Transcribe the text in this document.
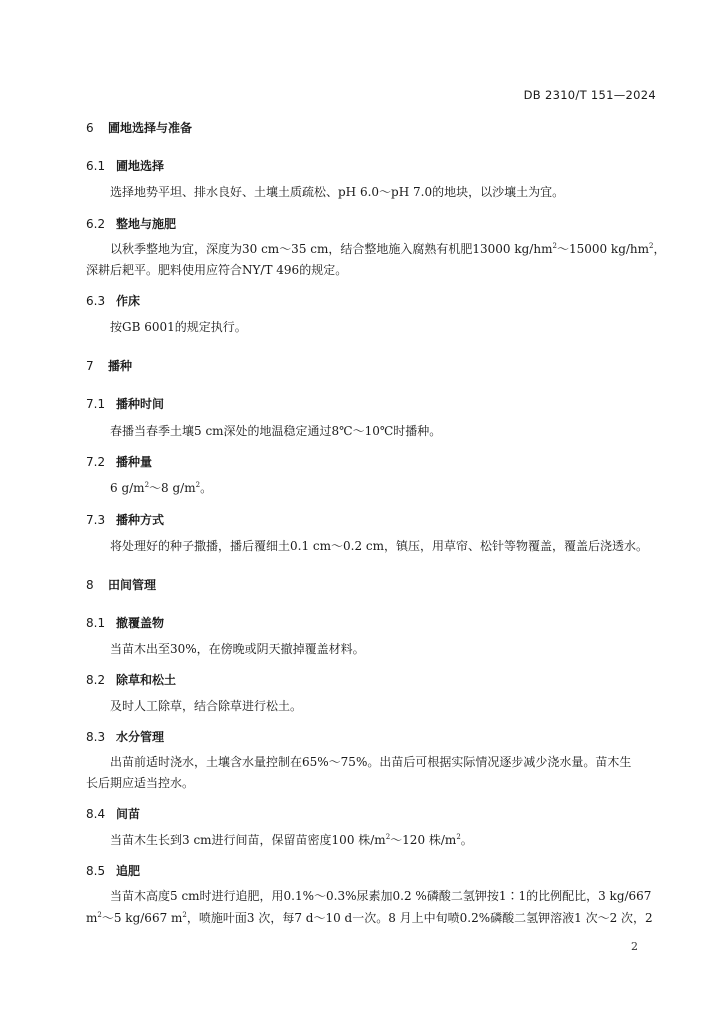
DB 2310/T 151—2024
6 圃地选择与准备
6.1 圃地选择
选择地势平坦、排水良好、土壤土质疏松、pH 6.0～pH 7.0的地块，以沙壤土为宜。
6.2 整地与施肥
以秋季整地为宜，深度为30 cm～35 cm，结合整地施入腐熟有机肥13000 $kg/hm^2\sim 15000$ $kg/hm^2$，
深耕后耙平。肥料使用应符合NY/T 496的规定。
6.3 作床
按GB 6001的规定执行。
7 播种
7.1 播种时间
春播当春季土壤5 cm深处的地温稳定通过8℃～10℃时播种。
7.2 播种量
6 $g/m^2\sim 8$ $g/m^2$。
7.3 播种方式
将处理好的种子撒播，播后覆细土0.1 cm～0.2 cm，镇压，用草帘、松针等物覆盖，覆盖后浇透水。
8 田间管理
8.1 撤覆盖物
当苗木出至30%，在傍晚或阴天撤掉覆盖材料。
8.2 除草和松土
及时人工除草，结合除草进行松土。
8.3 水分管理
出苗前适时浇水，土壤含水量控制在65%～75%。出苗后可根据实际情况逐步减少浇水量。苗木生
长后期应适当控水。
8.4 间苗
当苗木生长到3 cm进行间苗，保留苗密度100 株$/m^2\sim 120$ 株$/m^2$。
8.5 追肥
当苗木高度5 cm时进行追肥，用0.1%～0.3%尿素加0.2 %磷酸二氢钾按1∶1的比例配比，3 kg/667
$m^2\sim 5$ kg/667 $m^2$，喷施叶面3 次，每7 d～10 d一次。8 月上中旬喷0.2%磷酸二氢钾溶液1 次～2 次，2
2
